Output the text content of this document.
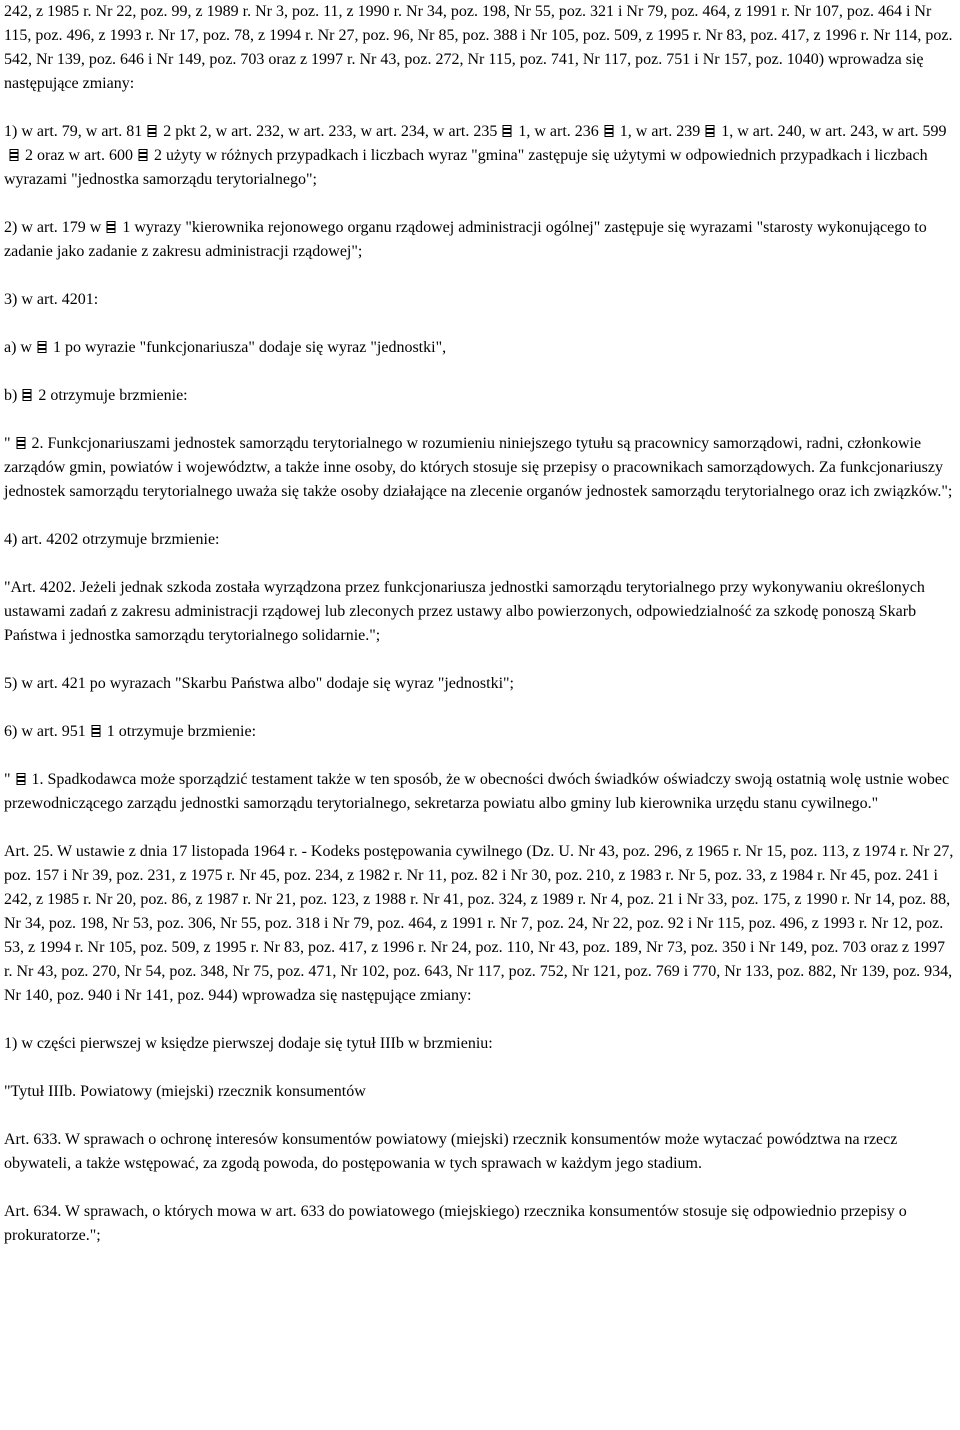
242, z 1985 r. Nr 22, poz. 99, z 1989 r. Nr 3, poz. 11, z 1990 r. Nr 34, poz. 198, Nr 55, poz. 321 i Nr 79, poz. 464, z 1991 r. Nr 107, poz. 464 i Nr 115, poz. 496, z 1993 r. Nr 17, poz. 78, z 1994 r. Nr 27, poz. 96, Nr 85, poz. 388 i Nr 105, poz. 509, z 1995 r. Nr 83, poz. 417, z 1996 r. Nr 114, poz. 542, Nr 139, poz. 646 i Nr 149, poz. 703 oraz z 1997 r. Nr 43, poz. 272, Nr 115, poz. 741, Nr 117, poz. 751 i Nr 157, poz. 1040) wprowadza się następujące zmiany:

1) w art. 79, w art. 81 2 pkt 2, w art. 232, w art. 233, w art. 234, w art. 235 1, w art. 236 1, w art. 239 1, w art. 240, w art. 243, w art. 599
2 oraz w art. 600 2 użyty w różnych przypadkach i liczbach wyraz "gmina" zastępuje się użytymi w odpowiednich przypadkach i liczbach wyrazami "jednostka samorządu terytorialnego";

2) w art. 179 w 1 wyrazy "kierownika rejonowego organu rządowej administracji ogólnej" zastępuje się wyrazami "starosty wykonującego to zadanie jako zadanie z zakresu administracji rządowej";

3) w art. 4201:

a) w 1 po wyrazie "funkcjonariusza" dodaje się wyraz "jednostki",

b) 2 otrzymuje brzmienie:

" 2. Funkcjonariuszami jednostek samorządu terytorialnego w rozumieniu niniejszego tytułu są pracownicy samorządowi, radni, członkowie zarządów gmin, powiatów i województw, a także inne osoby, do których stosuje się przepisy o pracownikach samorządowych. Za funkcjonariuszy jednostek samorządu terytorialnego uważa się także osoby działające na zlecenie organów jednostek samorządu terytorialnego oraz ich związków.";

4) art. 4202 otrzymuje brzmienie:

"Art. 4202. Jeżeli jednak szkoda została wyrządzona przez funkcjonariusza jednostki samorządu terytorialnego przy wykonywaniu określonych ustawami zadań z zakresu administracji rządowej lub zleconych przez ustawy albo powierzonych, odpowiedzialność za szkodę ponoszą Skarb Państwa i jednostka samorządu terytorialnego solidarnie.";

5) w art. 421 po wyrazach "Skarbu Państwa albo" dodaje się wyraz "jednostki";

6) w art. 951 1 otrzymuje brzmienie:

" 1. Spadkodawca może sporządzić testament także w ten sposób, że w obecności dwóch świadków oświadczy swoją ostatnią wolę ustnie wobec przewodniczącego zarządu jednostki samorządu terytorialnego, sekretarza powiatu albo gminy lub kierownika urzędu stanu cywilnego."

Art. 25. W ustawie z dnia 17 listopada 1964 r. - Kodeks postępowania cywilnego (Dz. U. Nr 43, poz. 296, z 1965 r. Nr 15, poz. 113, z 1974 r. Nr 27, poz. 157 i Nr 39, poz. 231, z 1975 r. Nr 45, poz. 234, z 1982 r. Nr 11, poz. 82 i Nr 30, poz. 210, z 1983 r. Nr 5, poz. 33, z 1984 r. Nr 45, poz. 241 i 242, z 1985 r. Nr 20, poz. 86, z 1987 r. Nr 21, poz. 123, z 1988 r. Nr 41, poz. 324, z 1989 r. Nr 4, poz. 21 i Nr 33, poz. 175, z 1990 r. Nr 14, poz. 88, Nr 34, poz. 198, Nr 53, poz. 306, Nr 55, poz. 318 i Nr 79, poz. 464, z 1991 r. Nr 7, poz. 24, Nr 22, poz. 92 i Nr 115, poz. 496, z 1993 r. Nr 12, poz. 53, z 1994 r. Nr 105, poz. 509, z 1995 r. Nr 83, poz. 417, z 1996 r. Nr 24, poz. 110, Nr 43, poz. 189, Nr 73, poz. 350 i Nr 149, poz. 703 oraz z 1997 r. Nr 43, poz. 270, Nr 54, poz. 348, Nr 75, poz. 471, Nr 102, poz. 643, Nr 117, poz. 752, Nr 121, poz. 769 i 770, Nr 133, poz. 882, Nr 139, poz. 934, Nr 140, poz. 940 i Nr 141, poz. 944) wprowadza się następujące zmiany:

1) w części pierwszej w księdze pierwszej dodaje się tytuł IIIb w brzmieniu:

"Tytuł IIIb. Powiatowy (miejski) rzecznik konsumentów

Art. 633. W sprawach o ochronę interesów konsumentów powiatowy (miejski) rzecznik konsumentów może wytaczać powództwa na rzecz obywateli, a także wstępować, za zgodą powoda, do postępowania w tych sprawach w każdym jego stadium.

Art. 634. W sprawach, o których mowa w art. 633 do powiatowego (miejskiego) rzecznika konsumentów stosuje się odpowiednio przepisy o prokuratorze.";
